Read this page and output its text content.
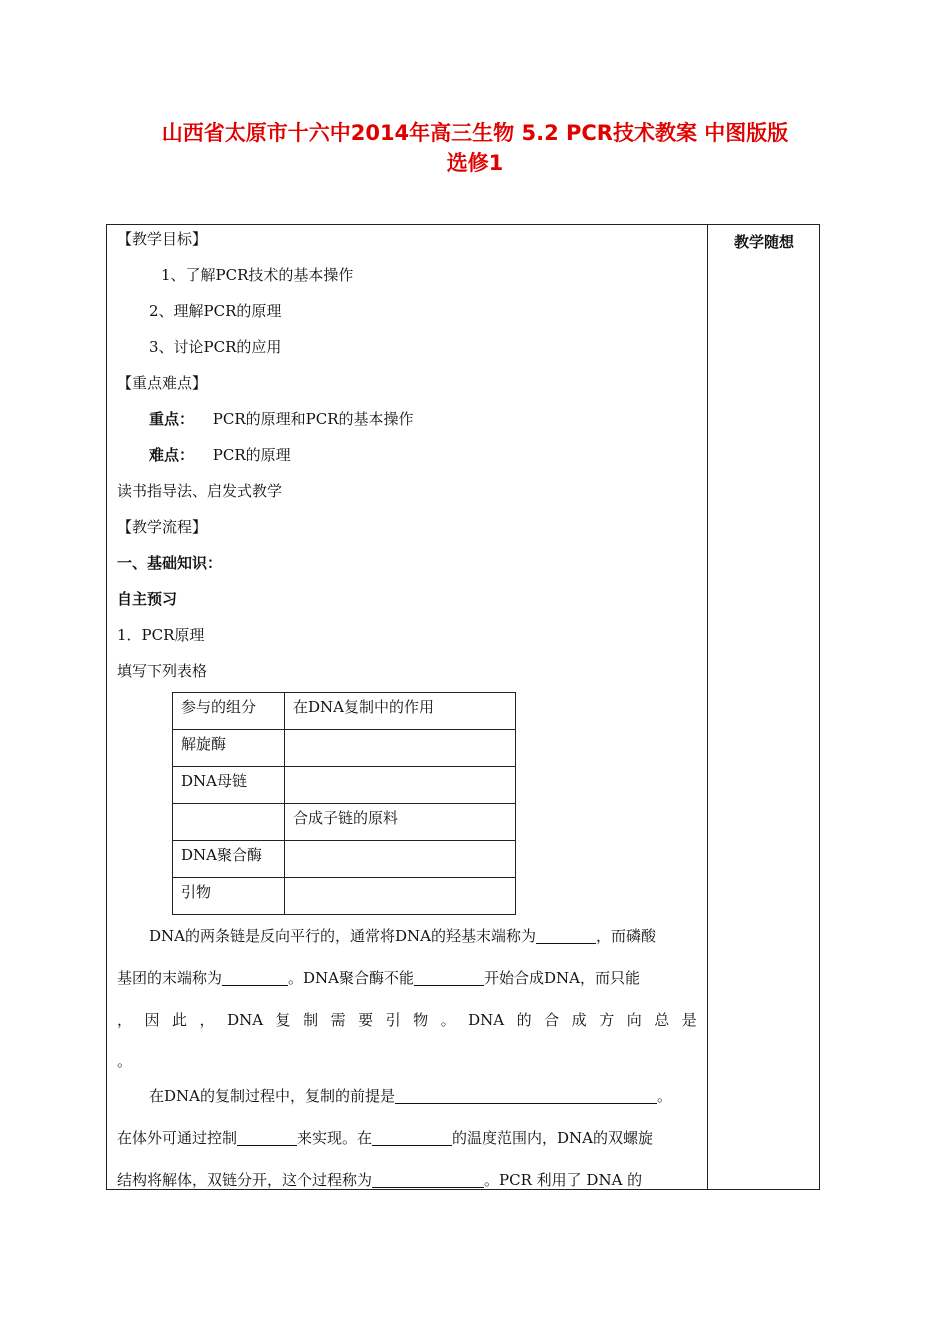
山西省太原市十六中2014年高三生物 5.2 PCR技术教案 中图版版
选修1
教学随想
【教学目标】
1、了解PCR技术的基本操作
2、理解PCR的原理
3、讨论PCR的应用
【重点难点】
重点： PCR的原理和PCR的基本操作
难点： PCR的原理
读书指导法、启发式教学
【教学流程】
一、基础知识：
自主预习
1．PCR原理
填写下列表格
参与的组分	在DNA复制中的作用
解旋酶	
DNA母链	
	合成子链的原料
DNA聚合酶	
引物	
DNA的两条链是反向平行的，通常将DNA的羟基末端称为	，而磷酸
基团的末端称为	。DNA聚合酶不能	开始合成DNA，而只能
， 因 此 ， DNA 复 制 需 要 引 物 。 DNA 的 合 成 方 向 总 是
。
在DNA的复制过程中，复制的前提是	。
在体外可通过控制	来实现。在	的温度范围内，DNA的双螺旋
结构将解体，双链分开，这个过程称为	。PCR 利用了 DNA 的
